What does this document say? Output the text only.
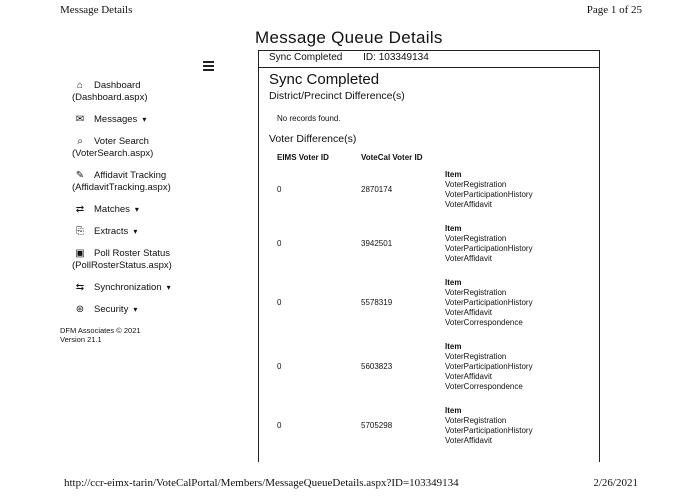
Message Details	Page 1 of 25
Message Queue Details
⌂	Dashboard
(Dashboard.aspx)
✉ Messages ▾
⌕	Voter Search
(VoterSearch.aspx)
✎ Affidavit Tracking
(AffidavitTracking.aspx)
⇄ Matches ▾
⎘ Extracts ▾
▣ Poll Roster Status
(PollRosterStatus.aspx)
⇆ Synchronization ▾
⊛ Security ▾
DFM Associates © 2021
Version 21.1
Sync Completed ID: 103349134
Sync Completed
District/Precinct Difference(s)
No records found.
Voter Difference(s)
EIMS Voter ID	VoteCal Voter ID	
0	2870174	Item
VoterRegistration
VoterParticipationHistory
VoterAffidavit

0	3942501	Item
VoterRegistration
VoterParticipationHistory
VoterAffidavit

0	5578319	Item
VoterRegistration
VoterParticipationHistory
VoterAffidavit
VoterCorrespondence

0	5603823	Item
VoterRegistration
VoterParticipationHistory
VoterAffidavit
VoterCorrespondence

0	5705298	Item
VoterRegistration
VoterParticipationHistory
VoterAffidavit
http://ccr-eimx-tarin/VoteCalPortal/Members/MessageQueueDetails.aspx?ID=103349134	2/26/2021
